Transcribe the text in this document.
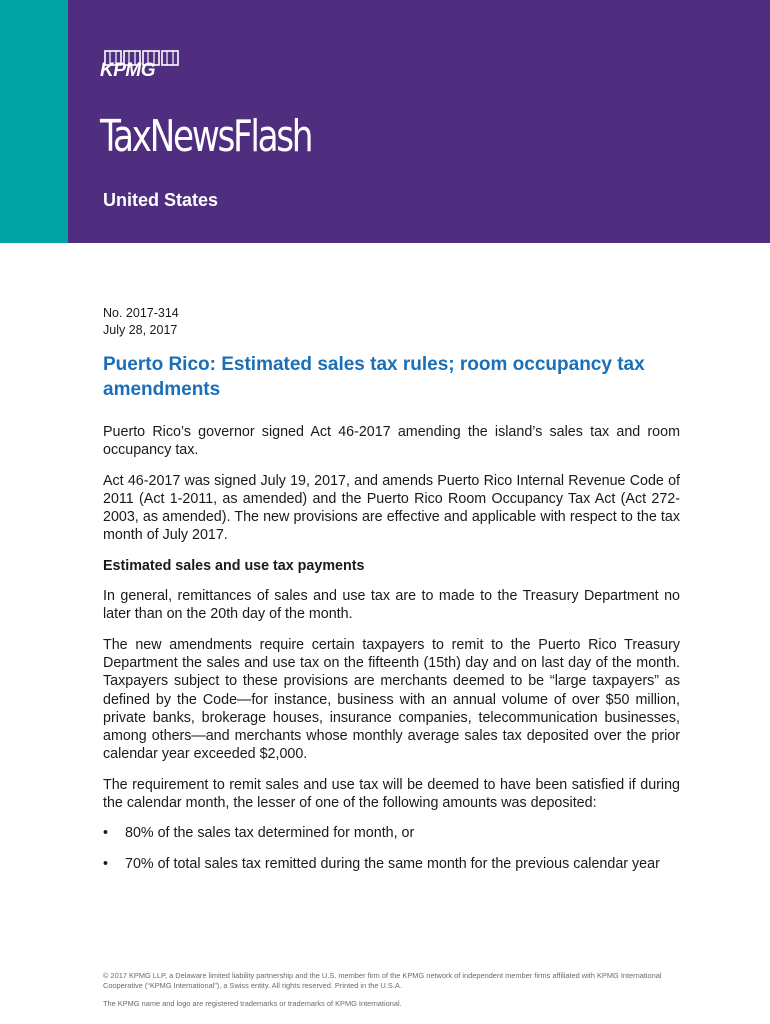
KPMG
TaxNewsFlash
United States
No. 2017-314
July 28, 2017
Puerto Rico: Estimated sales tax rules; room occupancy tax amendments

Puerto Rico’s governor signed Act 46-2017 amending the island’s sales tax and room occupancy tax.

Act 46-2017 was signed July 19, 2017, and amends Puerto Rico Internal Revenue Code of 2011 (Act 1-2011, as amended) and the Puerto Rico Room Occupancy Tax Act (Act 272-2003, as amended). The new provisions are effective and applicable with respect to the tax month of July 2017.

Estimated sales and use tax payments

In general, remittances of sales and use tax are to made to the Treasury Department no later than on the 20th day of the month.

The new amendments require certain taxpayers to remit to the Puerto Rico Treasury Department the sales and use tax on the fifteenth (15th) day and on last day of the month. Taxpayers subject to these provisions are merchants deemed to be “large taxpayers” as defined by the Code—for instance, business with an annual volume of over $50 million, private banks, brokerage houses, insurance companies, telecommunication businesses, among others—and merchants whose monthly average sales tax deposited over the prior calendar year exceeded $2,000.

The requirement to remit sales and use tax will be deemed to have been satisfied if during the calendar month, the lesser of one of the following amounts was deposited:

• 80% of the sales tax determined for month, or
• 70% of total sales tax remitted during the same month for the previous calendar year

© 2017 KPMG LLP, a Delaware limited liability partnership and the U.S. member firm of the KPMG network of independent member firms affiliated with KPMG International Cooperative (“KPMG International”), a Swiss entity. All rights reserved. Printed in the U.S.A.

The KPMG name and logo are registered trademarks or trademarks of KPMG International.
